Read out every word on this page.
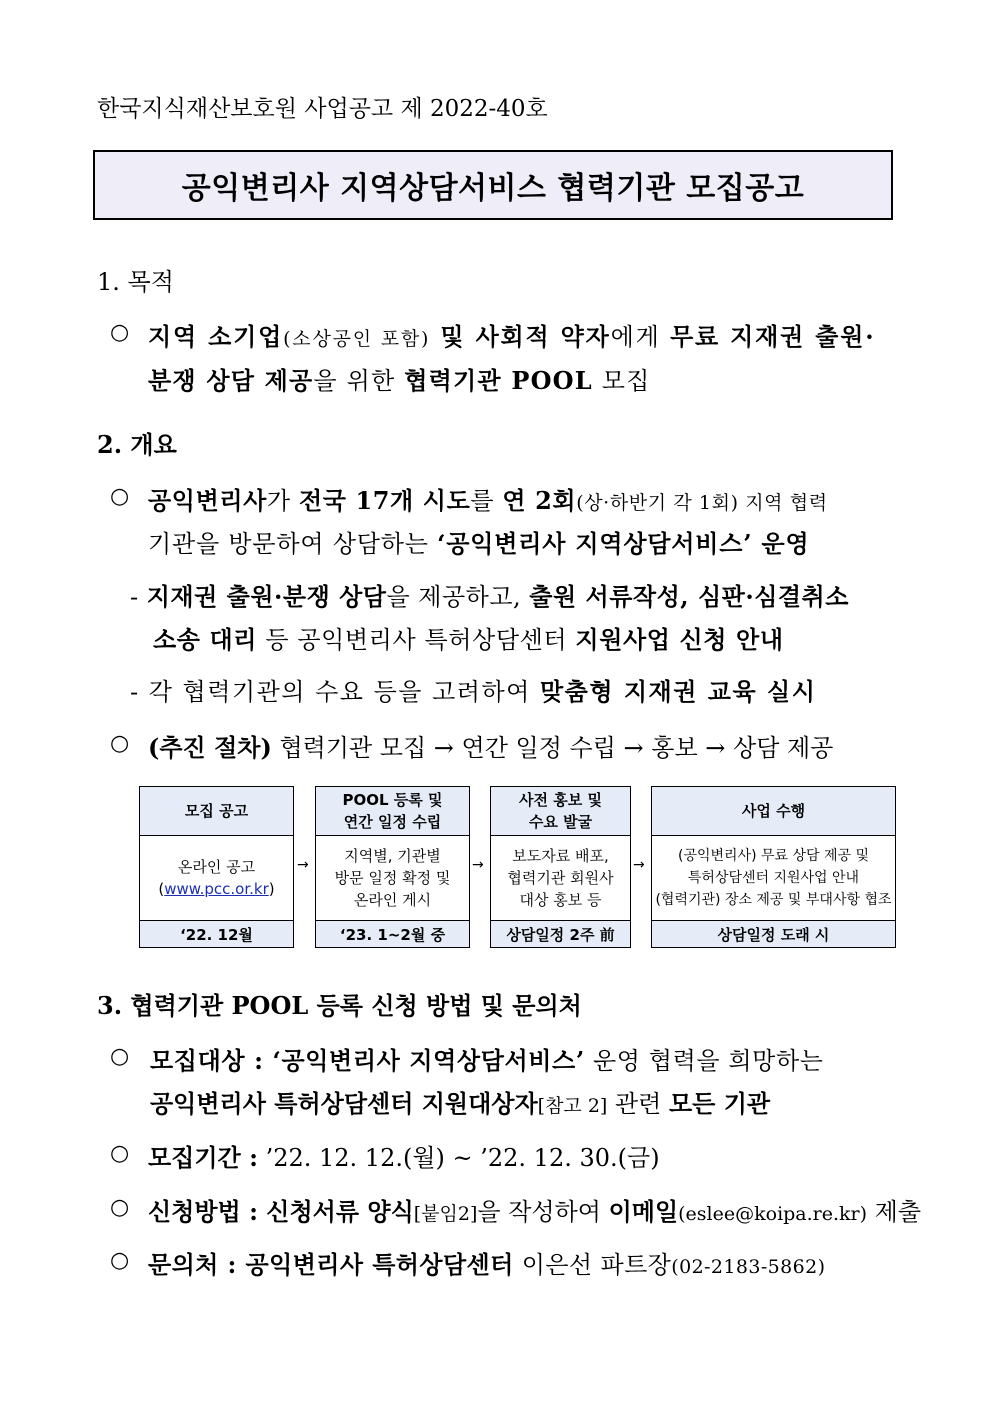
한국지식재산보호원 사업공고 제 2022-40호
공익변리사 지역상담서비스 협력기관 모집공고
1. 목적
○ 지역 소기업(소상공인 포함) 및 사회적 약자에게 무료 지재권 출원·
분쟁 상담 제공을 위한 협력기관 POOL 모집
2. 개요
○ 공익변리사가 전국 17개 시도를 연 2회(상·하반기 각 1회) 지역 협력
기관을 방문하여 상담하는 ‘공익변리사 지역상담서비스’ 운영
- 지재권 출원·분쟁 상담을 제공하고, 출원 서류작성, 심판·심결취소
소송 대리 등 공익변리사 특허상담센터 지원사업 신청 안내
- 각 협력기관의 수요 등을 고려하여 맞춤형 지재권 교육 실시
○ (추진 절차) 협력기관 모집 → 연간 일정 수립 → 홍보 → 상담 제공
모집 공고
온라인 공고
(www.pcc.or.kr)
‘22. 12월
POOL 등록 및
연간 일정 수립
지역별, 기관별
방문 일정 확정 및
온라인 게시
‘23. 1~2월 중
사전 홍보 및
수요 발굴
보도자료 배포,
협력기관 회원사
대상 홍보 등
상담일정 2주 前
사업 수행
(공익변리사) 무료 상담 제공 및
특허상담센터 지원사업 안내
(협력기관) 장소 제공 및 부대사항 협조
상담일정 도래 시
→	→	→
3. 협력기관 POOL 등록 신청 방법 및 문의처
○ 모집대상 : ‘공익변리사 지역상담서비스’ 운영 협력을 희망하는
공익변리사 특허상담센터 지원대상자[참고 2] 관련 모든 기관
○ 모집기간 : ’22. 12. 12.(월) ~ ’22. 12. 30.(금)
○ 신청방법 : 신청서류 양식[붙임2]을 작성하여 이메일(eslee@koipa.re.kr) 제출
○ 문의처 : 공익변리사 특허상담센터 이은선 파트장(02-2183-5862)
